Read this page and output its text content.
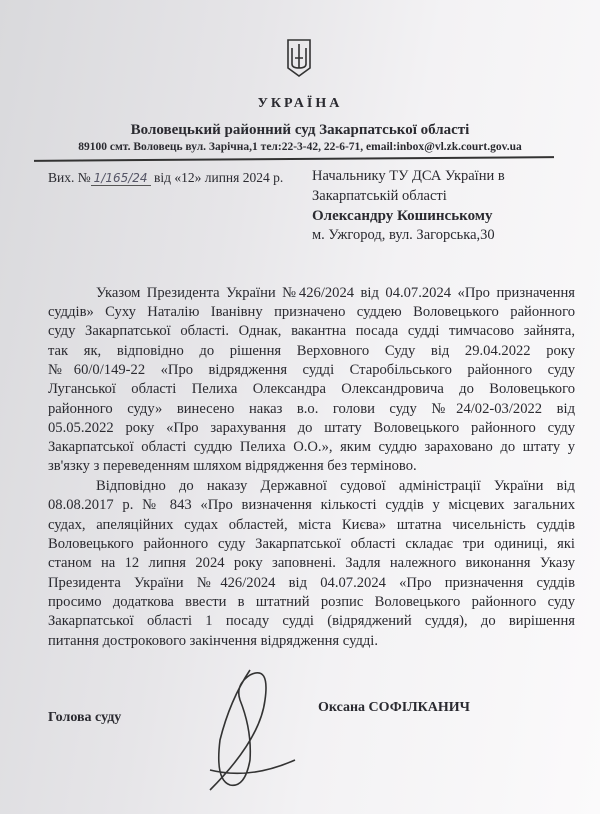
УКРАЇНА
Воловецький районний суд Закарпатської області
89100 смт. Воловець вул. Зарічна,1 тел:22-3-42, 22-6-71, email:inbox@vl.zk.court.gov.ua
Вих. № 1/165/24 від «12» липня 2024 р. Начальнику ТУ ДСА України в
Закарпатській області
Олександру Кошинському
м. Ужгород, вул. Загорська,30
Указом Президента України №426/2024 від 04.07.2024 «Про призначення
суддів» Суху Наталію Іванівну призначено суддею Воловецького районного
суду Закарпатської області. Однак, вакантна посада судді тимчасово зайнята,
так як, відповідно до рішення Верховного Суду від 29.04.2022 року
№60/0/149-22 «Про відрядження судді Старобільського районного суду
Луганської області Пелиха Олександра Олександровича до Воловецького
районного суду» винесено наказ в.о. голови суду №24/02-03/2022 від
05.05.2022 року «Про зарахування до штату Воловецького районного суду
Закарпатської області суддю Пелиха О.О.», яким суддю зараховано до штату у
зв'язку з переведенням шляхом відрядження без терміново.
Відповідно до наказу Державної судової адміністрації України від
08.08.2017 р. № 843 «Про визначення кількості суддів у місцевих загальних
судах, апеляційних судах областей, міста Києва» штатна чисельність суддів
Воловецького районного суду Закарпатської області складає три одиниці, які
станом на 12 липня 2024 року заповнені. Задля належного виконання Указу
Президента України №426/2024 від 04.07.2024 «Про призначення суддів
просимо додаткова ввести в штатний розпис Воловецького районного суду
Закарпатської області 1 посаду судді (відряджений суддя), до вирішення
питання дострокового закінчення відрядження судді.
Голова суду
Оксана СОФІЛКАНИЧ
